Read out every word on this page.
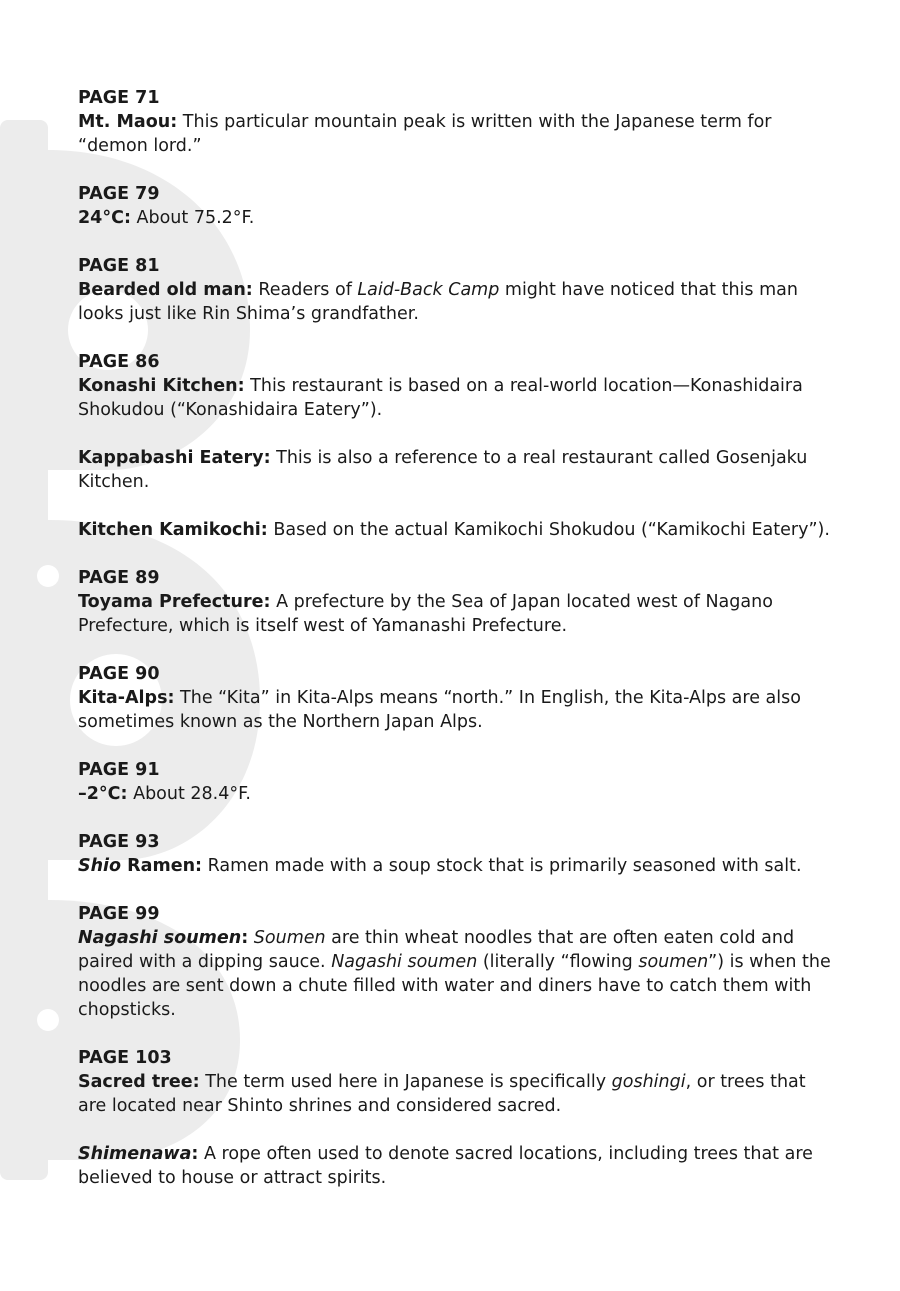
PAGE 71

Mt. Maou: This particular mountain peak is written with the Japanese term for “demon lord.”

PAGE 79

24°C: About 75.2°F.

PAGE 81

Bearded old man: Readers of Laid-Back Camp might have noticed that this man looks just like Rin Shima’s grandfather.

PAGE 86

Konashi Kitchen: This restaurant is based on a real-world location—Konashidaira Shokudou (“Konashidaira Eatery”).

Kappabashi Eatery: This is also a reference to a real restaurant called Gosenjaku Kitchen.

Kitchen Kamikochi: Based on the actual Kamikochi Shokudou (“Kamikochi Eatery”).

PAGE 89

Toyama Prefecture: A prefecture by the Sea of Japan located west of Nagano Prefecture, which is itself west of Yamanashi Prefecture.

PAGE 90

Kita-Alps: The “Kita” in Kita-Alps means “north.” In English, the Kita-Alps are also sometimes known as the Northern Japan Alps.

PAGE 91

–2°C: About 28.4°F.

PAGE 93

Shio Ramen: Ramen made with a soup stock that is primarily seasoned with salt.

PAGE 99

Nagashi soumen: Soumen are thin wheat noodles that are often eaten cold and paired with a dipping sauce. Nagashi soumen (literally “flowing soumen”) is when the noodles are sent down a chute filled with water and diners have to catch them with chopsticks.

PAGE 103

Sacred tree: The term used here in Japanese is specifically goshingi, or trees that are located near Shinto shrines and considered sacred.

Shimenawa: A rope often used to denote sacred locations, including trees that are believed to house or attract spirits.
